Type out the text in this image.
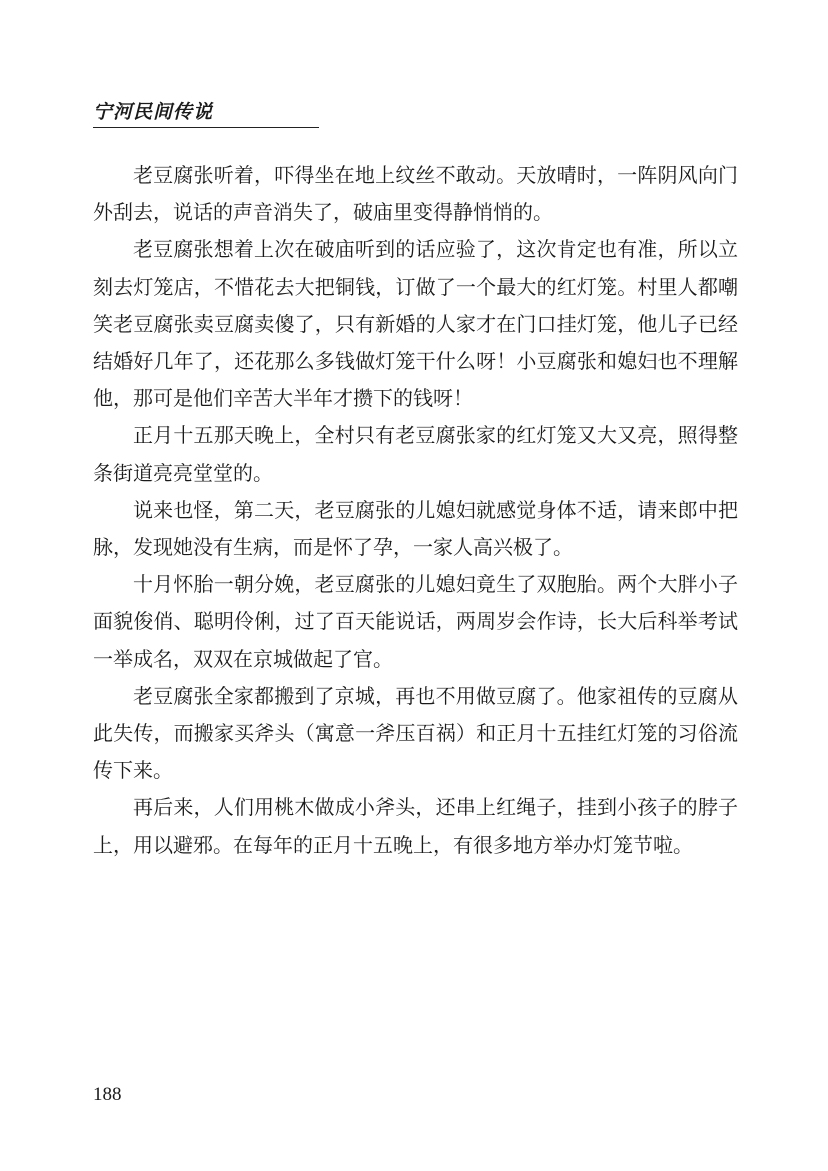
宁河民间传说

老豆腐张听着，吓得坐在地上纹丝不敢动。天放晴时，一阵阴风向门外刮去，说话的声音消失了，破庙里变得静悄悄的。

老豆腐张想着上次在破庙听到的话应验了，这次肯定也有准，所以立刻去灯笼店，不惜花去大把铜钱，订做了一个最大的红灯笼。村里人都嘲笑老豆腐张卖豆腐卖傻了，只有新婚的人家才在门口挂灯笼，他儿子已经结婚好几年了，还花那么多钱做灯笼干什么呀！小豆腐张和媳妇也不理解他，那可是他们辛苦大半年才攒下的钱呀！

正月十五那天晚上，全村只有老豆腐张家的红灯笼又大又亮，照得整条街道亮亮堂堂的。

说来也怪，第二天，老豆腐张的儿媳妇就感觉身体不适，请来郎中把脉，发现她没有生病，而是怀了孕，一家人高兴极了。

十月怀胎一朝分娩，老豆腐张的儿媳妇竟生了双胞胎。两个大胖小子面貌俊俏、聪明伶俐，过了百天能说话，两周岁会作诗，长大后科举考试一举成名，双双在京城做起了官。

老豆腐张全家都搬到了京城，再也不用做豆腐了。他家祖传的豆腐从此失传，而搬家买斧头（寓意一斧压百祸）和正月十五挂红灯笼的习俗流传下来。

再后来，人们用桃木做成小斧头，还串上红绳子，挂到小孩子的脖子上，用以避邪。在每年的正月十五晚上，有很多地方举办灯笼节啦。

188
